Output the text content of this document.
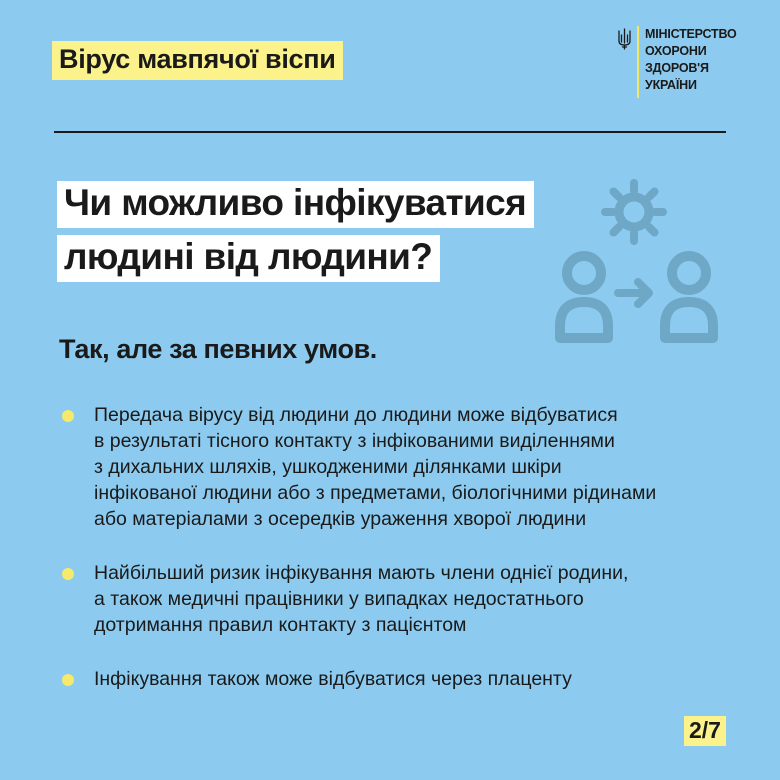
Вірус мавпячої віспи
МІНІСТЕРСТВО
ОХОРОНИ
ЗДОРОВ'Я
УКРАЇНИ
Чи можливо інфікуватися
людині від людини?
Так, але за певних умов.
Передача вірусу від людини до людини може відбуватися
в результаті тісного контакту з інфікованими виділеннями
з дихальних шляхів, ушкодженими ділянками шкіри
інфікованої людини або з предметами, біологічними рідинами
або матеріалами з осередків ураження хворої людини
Найбільший ризик інфікування мають члени однієї родини,
а також медичні працівники у випадках недостатнього
дотримання правил контакту з пацієнтом
Інфікування також може відбуватися через плаценту
2/7
